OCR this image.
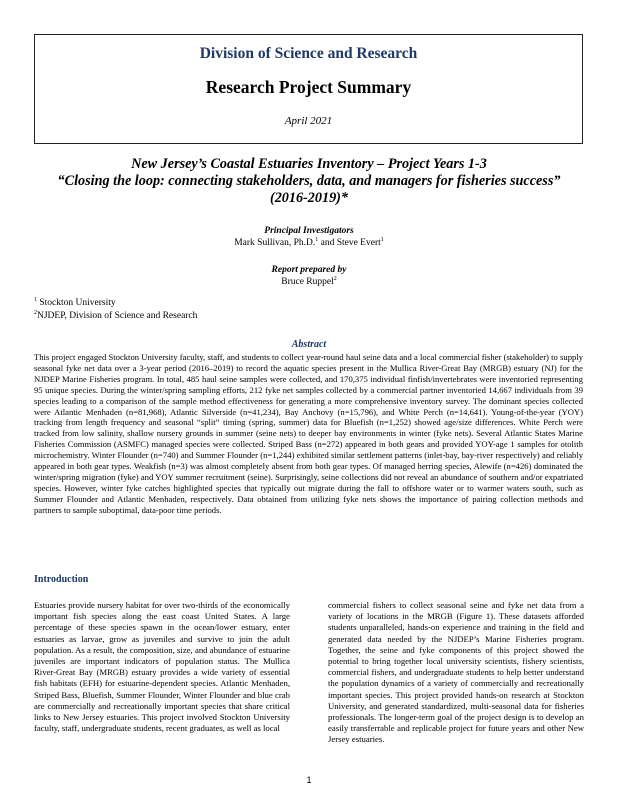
Division of Science and Research
Research Project Summary
April 2021
New Jersey’s Coastal Estuaries Inventory – Project Years 1-3
“Closing the loop: connecting stakeholders, data, and managers for fisheries success” (2016-2019)*
Principal Investigators
Mark Sullivan, Ph.D.$^1$ and Steve Evert$^1$
Report prepared by
Bruce Ruppel$^2$
$^1$ Stockton University
$^2$NJDEP, Division of Science and Research
Abstract
This project engaged Stockton University faculty, staff, and students to collect year-round haul seine data and a local commercial fisher (stakeholder) to supply seasonal fyke net data over a 3-year period (2016–2019) to record the aquatic species present in the Mullica River-Great Bay (MRGB) estuary (NJ) for the NJDEP Marine Fisheries program. In total, 485 haul seine samples were collected, and 170,375 individual finfish/invertebrates were inventoried representing 95 unique species. During the winter/spring sampling efforts, 212 fyke net samples collected by a commercial partner inventoried 14,667 individuals from 39 species leading to a comparison of the sample method effectiveness for generating a more comprehensive inventory survey. The dominant species collected were Atlantic Menhaden (n=81,968), Atlantic Silverside (n=41,234), Bay Anchovy (n=15,796), and White Perch (n=14,641). Young-of-the-year (YOY) tracking from length frequency and seasonal “split” timing (spring, summer) data for Bluefish (n=1,252) showed age/size differences. White Perch were tracked from low salinity, shallow nursery grounds in summer (seine nets) to deeper bay environments in winter (fyke nets). Several Atlantic States Marine Fisheries Commission (ASMFC) managed species were collected. Striped Bass (n=272) appeared in both gears and provided YOY-age 1 samples for otolith microchemistry. Winter Flounder (n=740) and Summer Flounder (n=1,244) exhibited similar settlement patterns (inlet-bay, bay-river respectively) and reliably appeared in both gear types. Weakfish (n=3) was almost completely absent from both gear types. Of managed herring species, Alewife (n=426) dominated the winter/spring migration (fyke) and YOY summer recruitment (seine). Surprisingly, seine collections did not reveal an abundance of southern and/or expatriated species. However, winter fyke catches highlighted species that typically out migrate during the fall to offshore water or to warmer waters south, such as Summer Flounder and Atlantic Menhaden, respectively. Data obtained from utilizing fyke nets shows the importance of pairing collection methods and partners to sample suboptimal, data-poor time periods.
Introduction
Estuaries provide nursery habitat for over two-thirds of the economically important fish species along the east coast United States. A large percentage of these species spawn in the ocean/lower estuary, enter estuaries as larvae, grow as juveniles and survive to join the adult population. As a result, the composition, size, and abundance of estuarine juveniles are important indicators of population status. The Mullica River-Great Bay (MRGB) estuary provides a wide variety of essential fish habitats (EFH) for estuarine-dependent species. Atlantic Menhaden, Striped Bass, Bluefish, Summer Flounder, Winter Flounder and blue crab are commercially and recreationally important species that share critical links to New Jersey estuaries. This project involved Stockton University faculty, staff, undergraduate students, recent graduates, as well as local
commercial fishers to collect seasonal seine and fyke net data from a variety of locations in the MRGB (Figure 1). These datasets afforded students unparalleled, hands-on experience and training in the field and generated data needed by the NJDEP’s Marine Fisheries program. Together, the seine and fyke components of this project showed the potential to bring together local university scientists, fishery scientists, commercial fishers, and undergraduate students to help better understand the population dynamics of a variety of commercially and recreationally important species. This project provided hands-on research at Stockton University, and generated standardized, multi-seasonal data for fisheries professionals. The longer-term goal of the project design is to develop an easily transferrable and replicable project for future years and other New Jersey estuaries.
1
